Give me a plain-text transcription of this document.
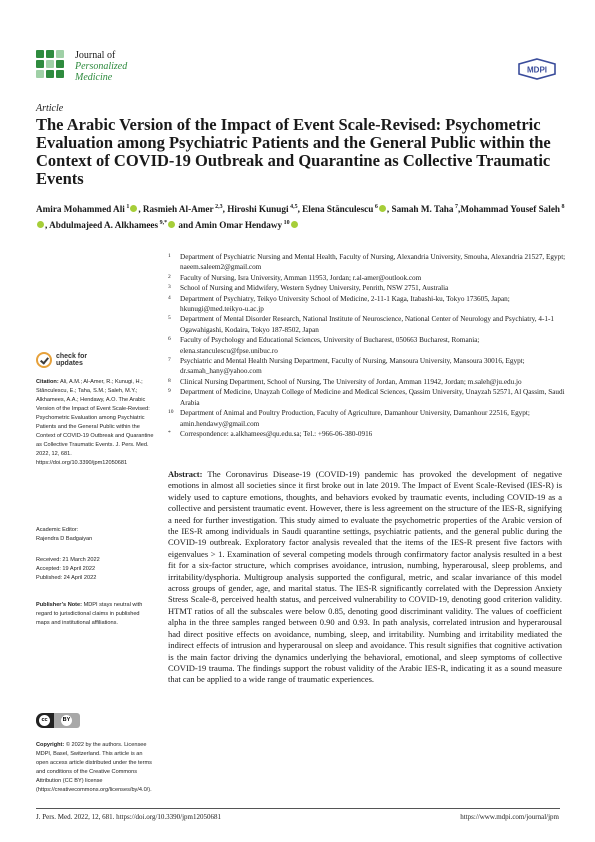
Journal of
Personalized
Medicine
MDPI
Article
The Arabic Version of the Impact of Event Scale-Revised: Psychometric Evaluation among Psychiatric Patients and the General Public within the Context of COVID-19 Outbreak and Quarantine as Collective Traumatic Events
Amira Mohammed Ali $^1$ , Rasmieh Al-Amer $^{2,3}$, Hiroshi Kunugi $^{4,5}$, Elena Stănculescu $^6$ , Samah M. Taha $^7$,Mohammad Yousef Saleh $^8$, Abdulmajeed A. Alkhamees $^{9,*}$ and Amin Omar Hendawy $^{10}$
1	Department of Psychiatric Nursing and Mental Health, Faculty of Nursing, Alexandria University, Smouha, Alexandria 21527, Egypt; naeem.saleem2@gmail.com
2	Faculty of Nursing, Isra University, Amman 11953, Jordan; r.al-amer@outlook.com
3	School of Nursing and Midwifery, Western Sydney University, Penrith, NSW 2751, Australia
4	Department of Psychiatry, Teikyo University School of Medicine, 2-11-1 Kaga, Itabashi-ku, Tokyo 173605, Japan; hkunugi@med.teikyo-u.ac.jp
5	Department of Mental Disorder Research, National Institute of Neuroscience, National Center of Neurology and Psychiatry, 4-1-1 Ogawahigashi, Kodaira, Tokyo 187-8502, Japan
6	Faculty of Psychology and Educational Sciences, University of Bucharest, 050663 Bucharest, Romania; elena.stanculescu@fpse.unibuc.ro
7	Psychiatric and Mental Health Nursing Department, Faculty of Nursing, Mansoura University, Mansoura 30016, Egypt; dr.samah_hany@yahoo.com
8	Clinical Nursing Department, School of Nursing, The University of Jordan, Amman 11942, Jordan; m.saleh@ju.edu.jo
9	Department of Medicine, Unayzah College of Medicine and Medical Sciences, Qassim University, Unayzah 52571, Al Qassim, Saudi Arabia
10 Department of Animal and Poultry Production, Faculty of Agriculture, Damanhour University, Damanhour 22516, Egypt; amin.hendawy@gmail.com
*	Correspondence: a.alkhamees@qu.edu.sa; Tel.: +966-06-380-0916
check for
updates
Citation: Ali, A.M.; Al-Amer, R.; Kunugi, H.; Stănculescu, E.; Taha, S.M.; Saleh, M.Y.; Alkhamees, A.A.; Hendawy, A.O. The Arabic Version of the Impact of Event Scale-Revised: Psychometric Evaluation among Psychiatric Patients and the General Public within the Context of COVID-19 Outbreak and Quarantine as Collective Traumatic Events. J. Pers. Med. 2022, 12, 681. https://doi.org/10.3390/jpm12050681
Academic Editor:
Rajendra D Badgaiyan
Received: 21 March 2022
Accepted: 19 April 2022
Published: 24 April 2022
Publisher’s Note: MDPI stays neutral with regard to jurisdictional claims in published maps and institutional affiliations.
cc	BY
Copyright: © 2022 by the authors. Licensee MDPI, Basel, Switzerland. This article is an open access article distributed under the terms and conditions of the Creative Commons Attribution (CC BY) license (https://creativecommons.org/licenses/by/4.0/).
Abstract: The Coronavirus Disease-19 (COVID-19) pandemic has provoked the development of negative emotions in almost all societies since it first broke out in late 2019. The Impact of Event Scale-Revised (IES-R) is widely used to capture emotions, thoughts, and behaviors evoked by traumatic events, including COVID-19 as a collective and persistent traumatic event. However, there is less agreement on the structure of the IES-R, signifying a need for further investigation. This study aimed to evaluate the psychometric properties of the Arabic version of the IES-R among individuals in Saudi quarantine settings, psychiatric patients, and the general public during the COVID-19 outbreak. Exploratory factor analysis revealed that the items of the IES-R present five factors with eigenvalues > 1. Examination of several competing models through confirmatory factor analysis resulted in a best fit for a six-factor structure, which comprises avoidance, intrusion, numbing, hyperarousal, sleep problems, and irritability/dysphoria. Multigroup analysis supported the configural, metric, and scalar invariance of this model across groups of gender, age, and marital status. The IES-R significantly correlated with the Depression Anxiety Stress Scale-8, perceived health status, and perceived vulnerability to COVID-19, denoting good criterion validity. HTMT ratios of all the subscales were below 0.85, denoting good discriminant validity. The values of coefficient alpha in the three samples ranged between 0.90 and 0.93. In path analysis, correlated intrusion and hyperarousal had direct positive effects on avoidance, numbing, sleep, and irritability. Numbing and irritability mediated the indirect effects of intrusion and hyperarousal on sleep and avoidance. This result signifies that cognitive activation is the main factor driving the dynamics underlying the behavioral, emotional, and sleep symptoms of collective COVID-19 trauma. The findings support the robust validity of the Arabic IES-R, indicating it as a sound measure that can be applied to a wide range of traumatic experiences.
J. Pers. Med. 2022, 12, 681. https://doi.org/10.3390/jpm12050681	https://www.mdpi.com/journal/jpm
